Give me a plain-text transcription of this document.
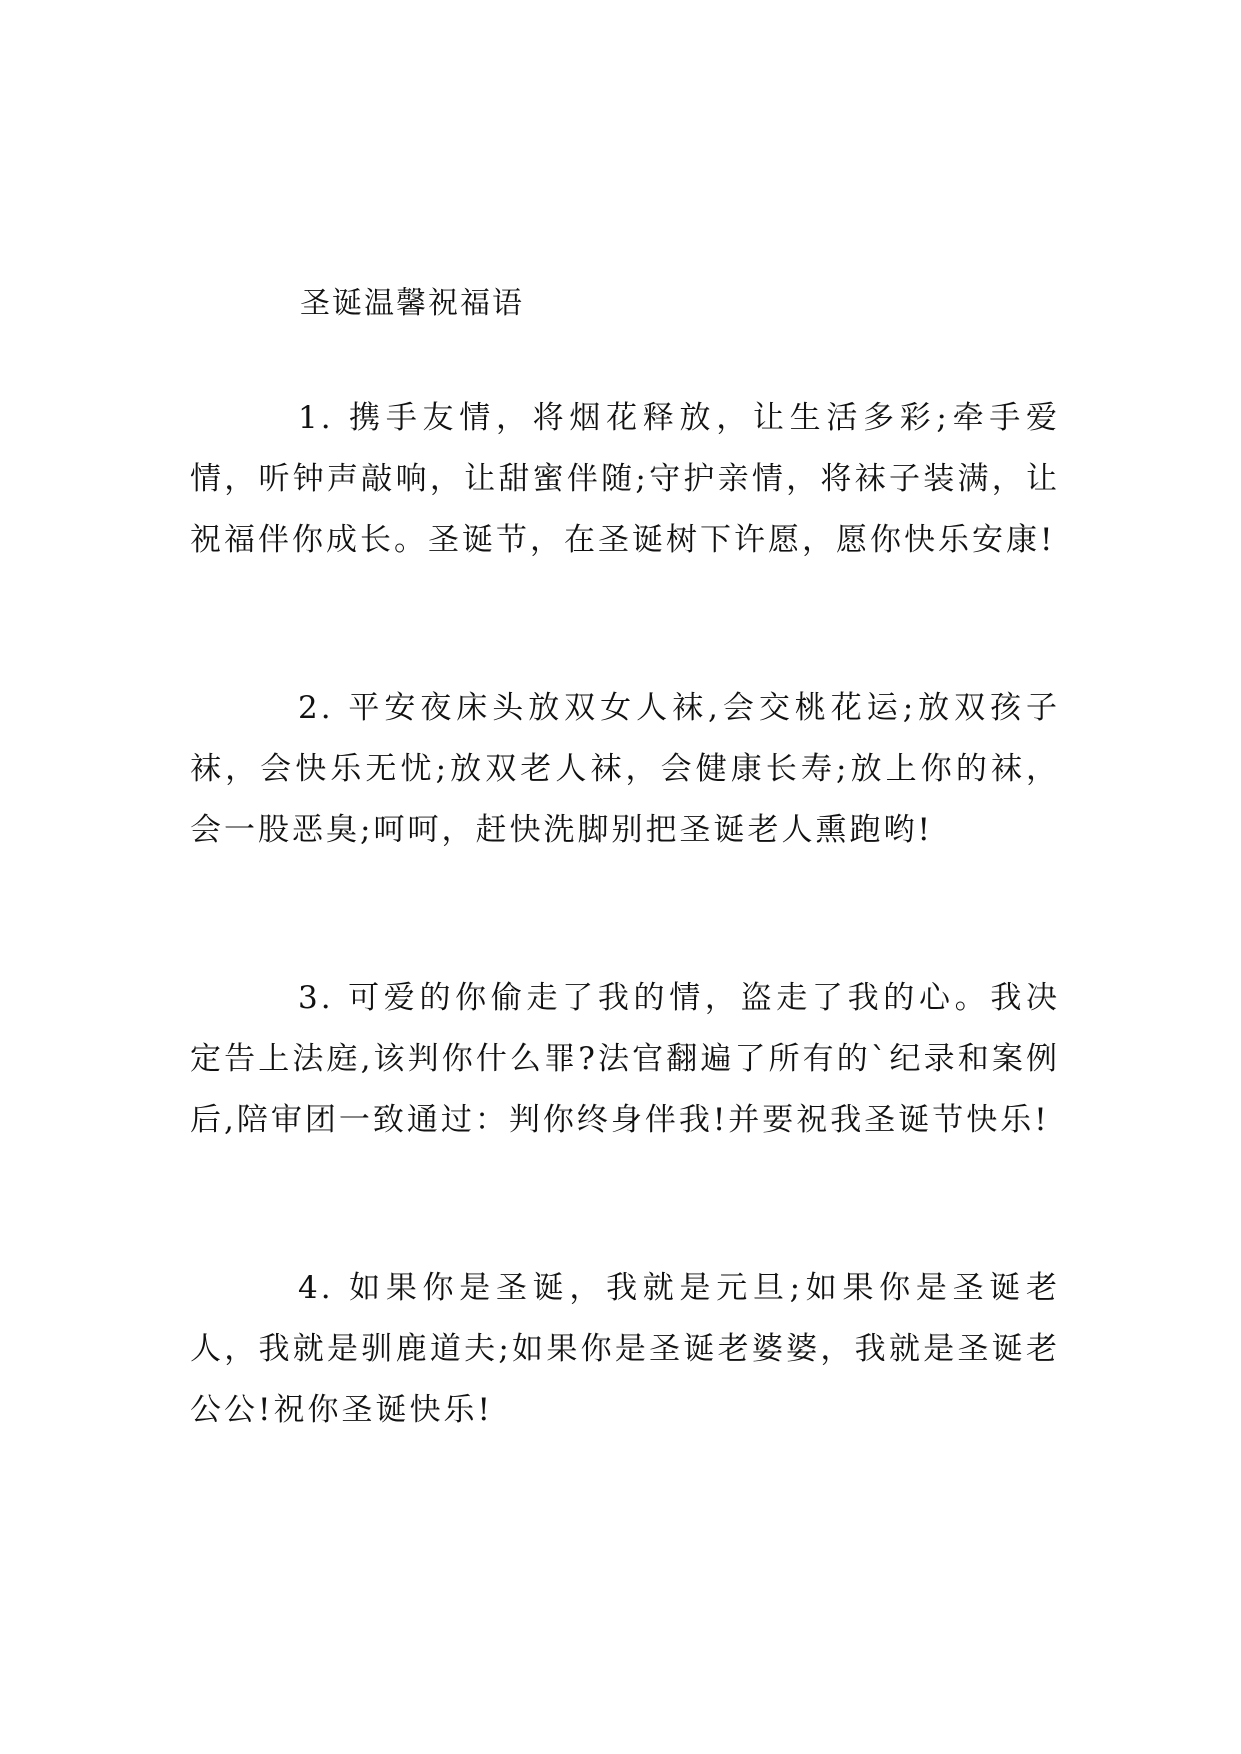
圣诞温馨祝福语

1. 携手友情，将烟花释放，让生活多彩;牵手爱情，听钟声敲响，让甜蜜伴随;守护亲情，将袜子装满，让祝福伴你成长。圣诞节，在圣诞树下许愿，愿你快乐安康!

2. 平安夜床头放双女人袜,会交桃花运;放双孩子袜，会快乐无忧;放双老人袜，会健康长寿;放上你的袜，会一股恶臭;呵呵，赶快洗脚别把圣诞老人熏跑哟!

3. 可爱的你偷走了我的情，盗走了我的心。我决定告上法庭,该判你什么罪?法官翻遍了所有的`纪录和案例后,陪审团一致通过：判你终身伴我!并要祝我圣诞节快乐!

4. 如果你是圣诞，我就是元旦;如果你是圣诞老人，我就是驯鹿道夫;如果你是圣诞老婆婆，我就是圣诞老公公!祝你圣诞快乐!
